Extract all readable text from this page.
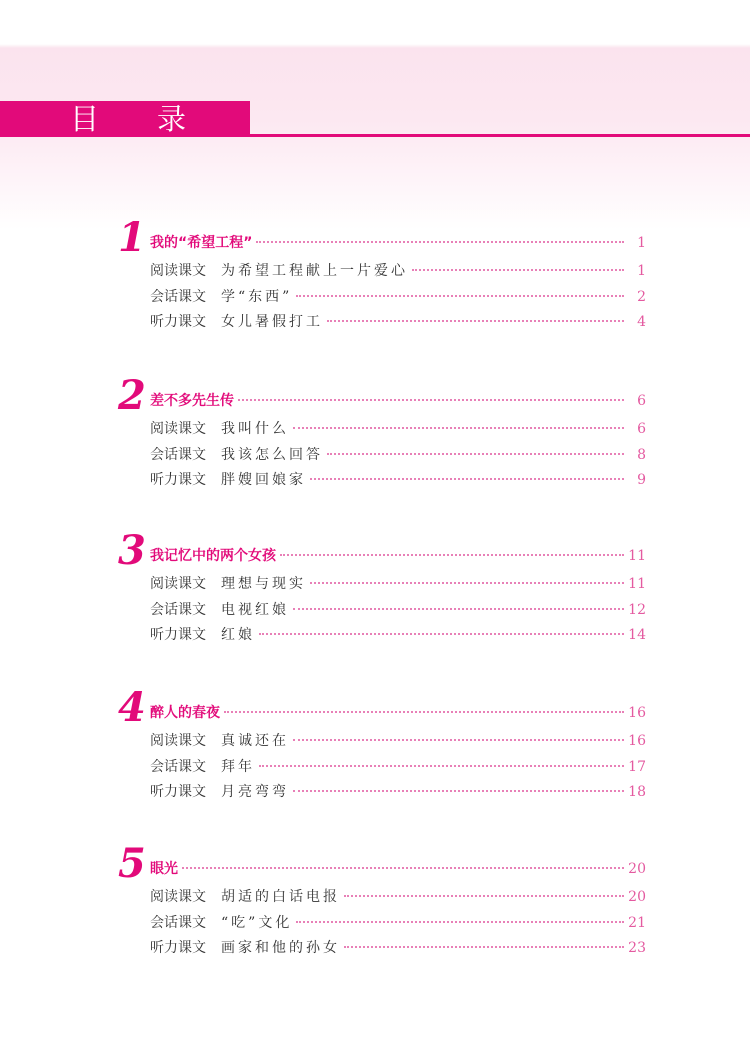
目录
1 我的“希望工程”	1
阅读课文	为希望工程献上一片爱心	1
会话课文	学“东西”	2
听力课文	女儿暑假打工	4
2 差不多先生传	6
阅读课文	我叫什么	6
会话课文	我该怎么回答	8
听力课文	胖嫂回娘家	9
3 我记忆中的两个女孩	11
阅读课文	理想与现实	11
会话课文	电视红娘	12
听力课文	红娘	14
4 醉人的春夜	16
阅读课文	真诚还在	16
会话课文	拜年	17
听力课文	月亮弯弯	18
5 眼光	20
阅读课文	胡适的白话电报	20
会话课文	“吃”文化	21
听力课文	画家和他的孙女	23
